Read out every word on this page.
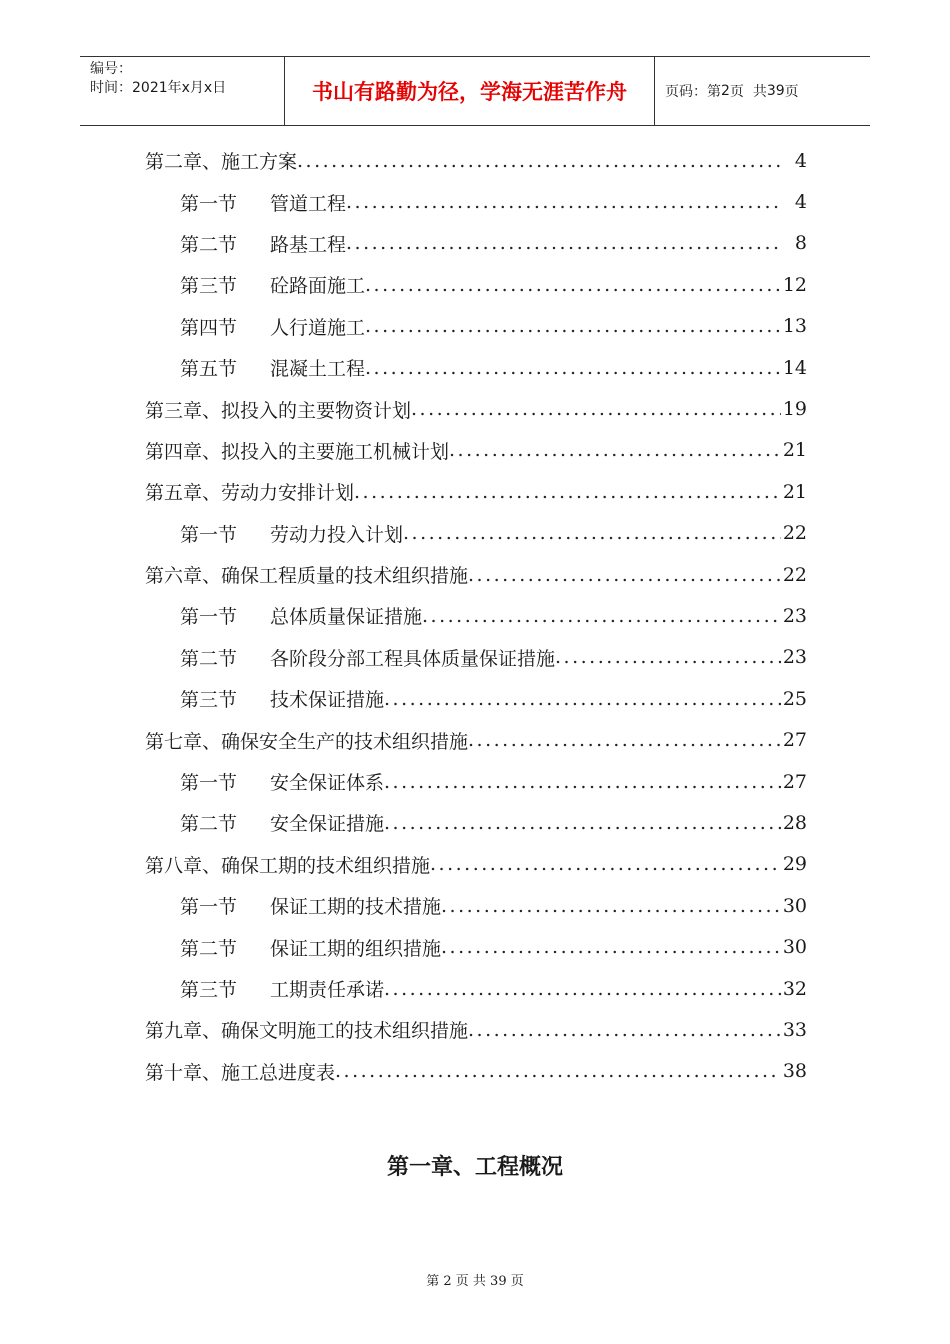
编号：
时间：2021年x月x日	书山有路勤为径，学海无涯苦作舟	页码：第 2 页  共 39 页
第二章、施工方案 .....	4
第一节	管道工程 .....	4
第二节	路基工程 .....	8
第三节	砼路面施工 .....	12
第四节	人行道施工 .....	13
第五节	混凝土工程 .....	14
第三章、拟投入的主要物资计划 .....	19
第四章、拟投入的主要施工机械计划 .....	21
第五章、劳动力安排计划 .....	21
第一节	劳动力投入计划 .....	22
第六章、确保工程质量的技术组织措施 .....	22
第一节	总体质量保证措施 .....	23
第二节	各阶段分部工程具体质量保证措施 .....	23
第三节	技术保证措施 .....	25
第七章、确保安全生产的技术组织措施 .....	27
第一节	安全保证体系 .....	27
第二节	安全保证措施 .....	28
第八章、确保工期的技术组织措施 .....	29
第一节	保证工期的技术措施 .....	30
第二节	保证工期的组织措施 .....	30
第三节	工期责任承诺 .....	32
第九章、确保文明施工的技术组织措施 .....	33
第十章、施工总进度表 .....	38
第一章、工程概况
第 2 页 共 39 页
